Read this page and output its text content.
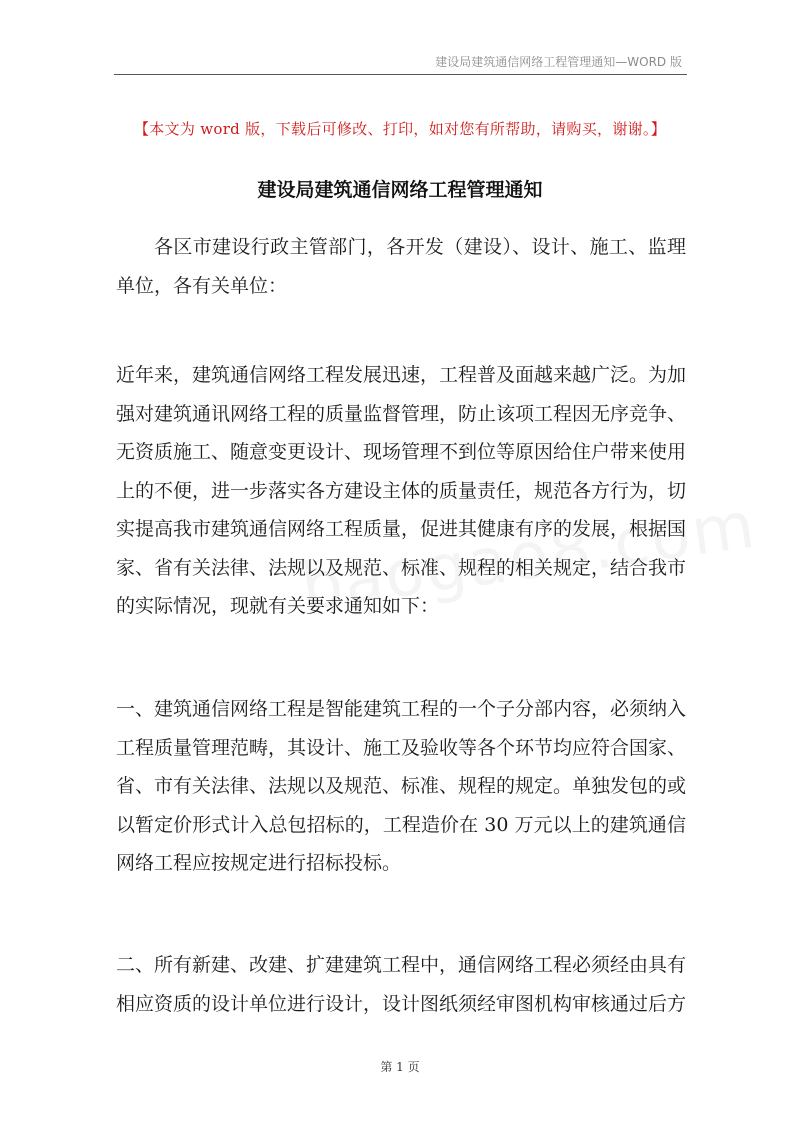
建设局建筑通信网络工程管理通知—WORD 版
【本文为 word 版，下载后可修改、打印，如对您有所帮助，请购买，谢谢。】
建设局建筑通信网络工程管理通知
各区市建设行政主管部门，各开发（建设）、设计、施工、监理单位，各有关单位：
近年来，建筑通信网络工程发展迅速，工程普及面越来越广泛。为加强对建筑通讯网络工程的质量监督管理，防止该项工程因无序竞争、无资质施工、随意变更设计、现场管理不到位等原因给住户带来使用上的不便，进一步落实各方建设主体的质量责任，规范各方行为，切实提高我市建筑通信网络工程质量，促进其健康有序的发展，根据国家、省有关法律、法规以及规范、标准、规程的相关规定，结合我市的实际情况，现就有关要求通知如下：
一、建筑通信网络工程是智能建筑工程的一个子分部内容，必须纳入工程质量管理范畴，其设计、施工及验收等各个环节均应符合国家、省、市有关法律、法规以及规范、标准、规程的规定。单独发包的或以暂定价形式计入总包招标的，工程造价在 30 万元以上的建筑通信网络工程应按规定进行招标投标。
二、所有新建、改建、扩建建筑工程中，通信网络工程必须经由具有相应资质的设计单位进行设计，设计图纸须经审图机构审核通过后方
第 1 页
